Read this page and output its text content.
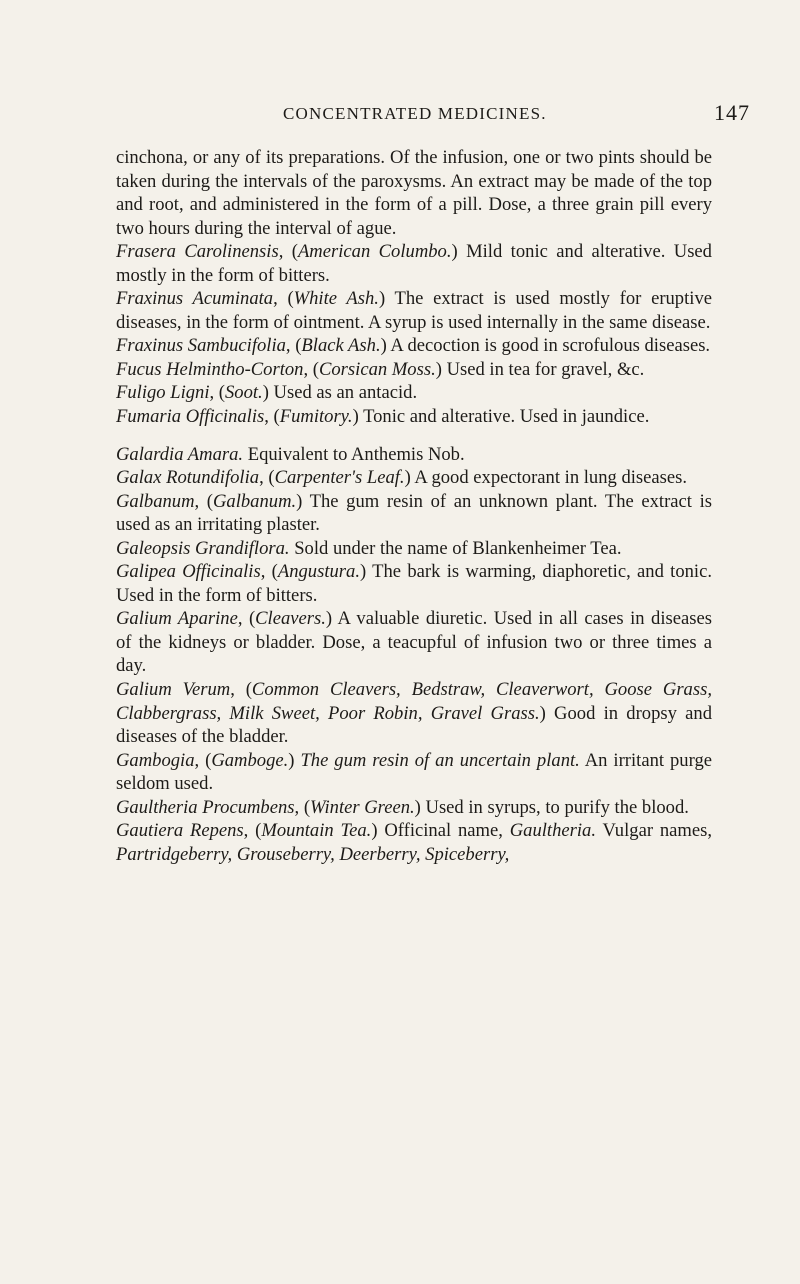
CONCENTRATED MEDICINES.	147

cinchona, or any of its preparations. Of the infusion, one or two pints should be taken during the intervals of the paroxysms. An extract may be made of the top and root, and administered in the form of a pill. Dose, a three grain pill every two hours during the interval of ague.

Frasera Carolinensis, (American Columbo.) Mild tonic and alterative. Used mostly in the form of bitters.

Fraxinus Acuminata, (White Ash.) The extract is used mostly for eruptive diseases, in the form of ointment. A syrup is used internally in the same disease.

Fraxinus Sambucifolia, (Black Ash.) A decoction is good in scrofulous diseases.

Fucus Helmintho-Corton, (Corsican Moss.) Used in tea for gravel, &c.

Fuligo Ligni, (Soot.) Used as an antacid.

Fumaria Officinalis, (Fumitory.) Tonic and alterative. Used in jaundice.

Galardia Amara. Equivalent to Anthemis Nob.

Galax Rotundifolia, (Carpenter's Leaf.) A good expectorant in lung diseases.

Galbanum, (Galbanum.) The gum resin of an unknown plant. The extract is used as an irritating plaster.

Galeopsis Grandiflora. Sold under the name of Blankenheimer Tea.

Galipea Officinalis, (Angustura.) The bark is warming, diaphoretic, and tonic. Used in the form of bitters.

Galium Aparine, (Cleavers.) A valuable diuretic. Used in all cases in diseases of the kidneys or bladder. Dose, a teacupful of infusion two or three times a day.

Galium Verum, (Common Cleavers, Bedstraw, Cleaverwort, Goose Grass, Clabbergrass, Milk Sweet, Poor Robin, Gravel Grass.) Good in dropsy and diseases of the bladder.

Gambogia, (Gamboge.) The gum resin of an uncertain plant. An irritant purge seldom used.

Gaultheria Procumbens, (Winter Green.) Used in syrups, to purify the blood.

Gautiera Repens, (Mountain Tea.) Officinal name, Gaultheria. Vulgar names, Partridgeberry, Grouseberry, Deerberry, Spiceberry,
